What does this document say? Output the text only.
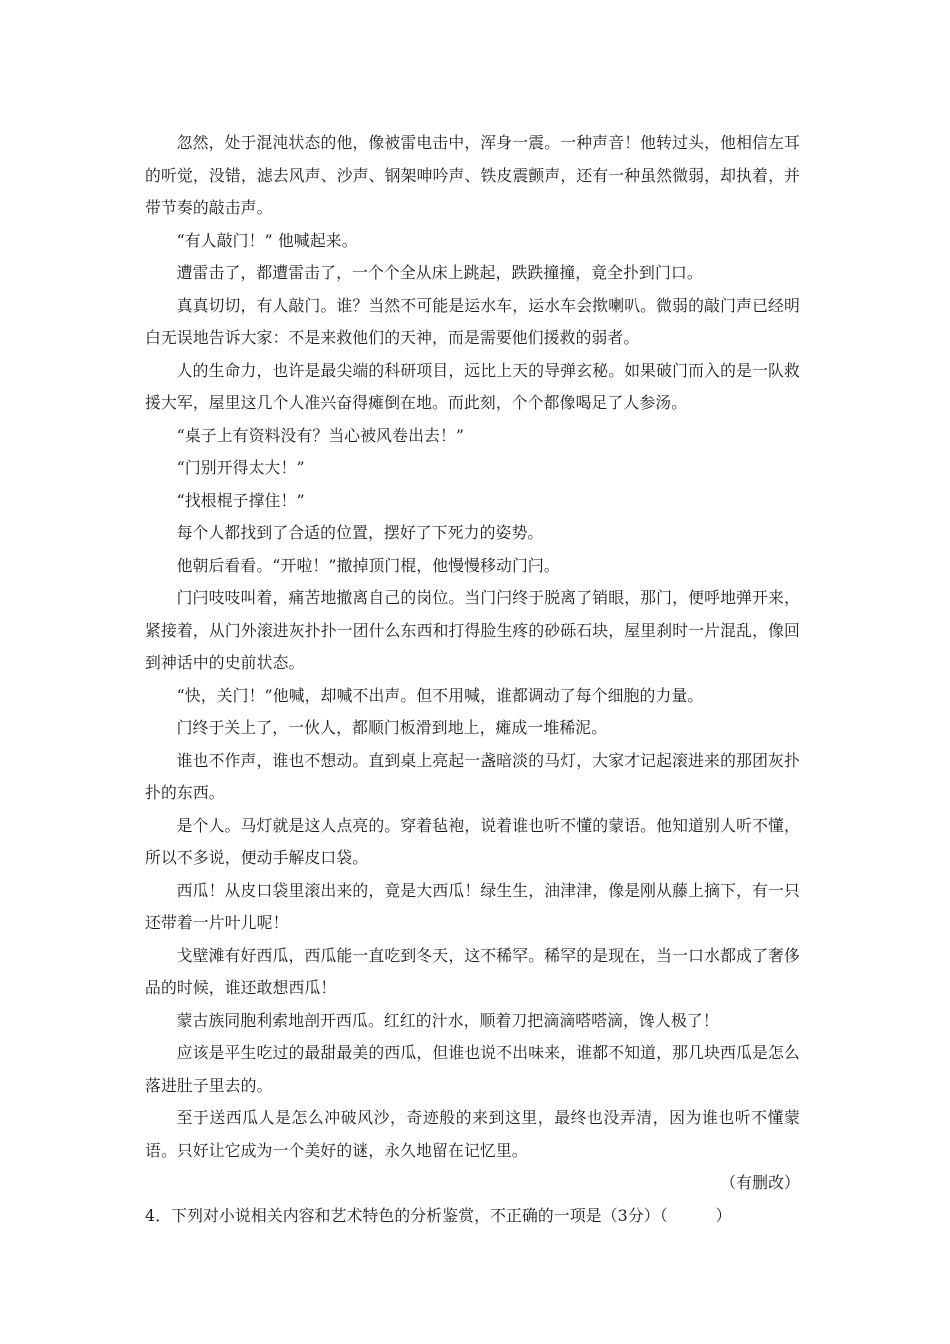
忽然，处于混沌状态的他，像被雷电击中，浑身一震。一种声音！他转过头，他相信左耳的听觉，没错，滤去风声、沙声、钢架呻吟声、铁皮震颤声，还有一种虽然微弱，却执着，并带节奏的敲击声。

“有人敲门！” 他喊起来。

遭雷击了，都遭雷击了，一个个全从床上跳起，跌跌撞撞，竟全扑到门口。

真真切切，有人敲门。谁？当然不可能是运水车，运水车会揿喇叭。微弱的敲门声已经明白无误地告诉大家：不是来救他们的天神，而是需要他们援救的弱者。

人的生命力，也许是最尖端的科研项目，远比上天的导弹玄秘。如果破门而入的是一队救援大军，屋里这几个人准兴奋得瘫倒在地。而此刻，个个都像喝足了人参汤。

“桌子上有资料没有？当心被风卷出去！”

“门别开得太大！”

“找根棍子撑住！”

每个人都找到了合适的位置，摆好了下死力的姿势。

他朝后看看。“开啦！”撤掉顶门棍，他慢慢移动门闩。

门闩吱吱叫着，痛苦地撤离自己的岗位。当门闩终于脱离了销眼，那门，便呼地弹开来，紧接着，从门外滚进灰扑扑一团什么东西和打得脸生疼的砂砾石块，屋里刹时一片混乱，像回到神话中的史前状态。

“快，关门！”他喊，却喊不出声。但不用喊，谁都调动了每个细胞的力量。

门终于关上了，一伙人，都顺门板滑到地上，瘫成一堆稀泥。

谁也不作声，谁也不想动。直到桌上亮起一盏暗淡的马灯，大家才记起滚进来的那团灰扑扑的东西。

是个人。马灯就是这人点亮的。穿着毡袍，说着谁也听不懂的蒙语。他知道别人听不懂，所以不多说，便动手解皮口袋。

西瓜！从皮口袋里滚出来的，竟是大西瓜！绿生生，油津津，像是刚从藤上摘下，有一只还带着一片叶儿呢！

戈壁滩有好西瓜，西瓜能一直吃到冬天，这不稀罕。稀罕的是现在，当一口水都成了奢侈品的时候，谁还敢想西瓜！

蒙古族同胞利索地剖开西瓜。红红的汁水，顺着刀把滴滴嗒嗒滴，馋人极了！

应该是平生吃过的最甜最美的西瓜，但谁也说不出味来，谁都不知道，那几块西瓜是怎么落进肚子里去的。

至于送西瓜人是怎么冲破风沙，奇迹般的来到这里，最终也没弄清，因为谁也听不懂蒙语。只好让它成为一个美好的谜，永久地留在记忆里。

（有删改）

4．下列对小说相关内容和艺术特色的分析鉴赏，不正确的一项是（3分）（　　　）
